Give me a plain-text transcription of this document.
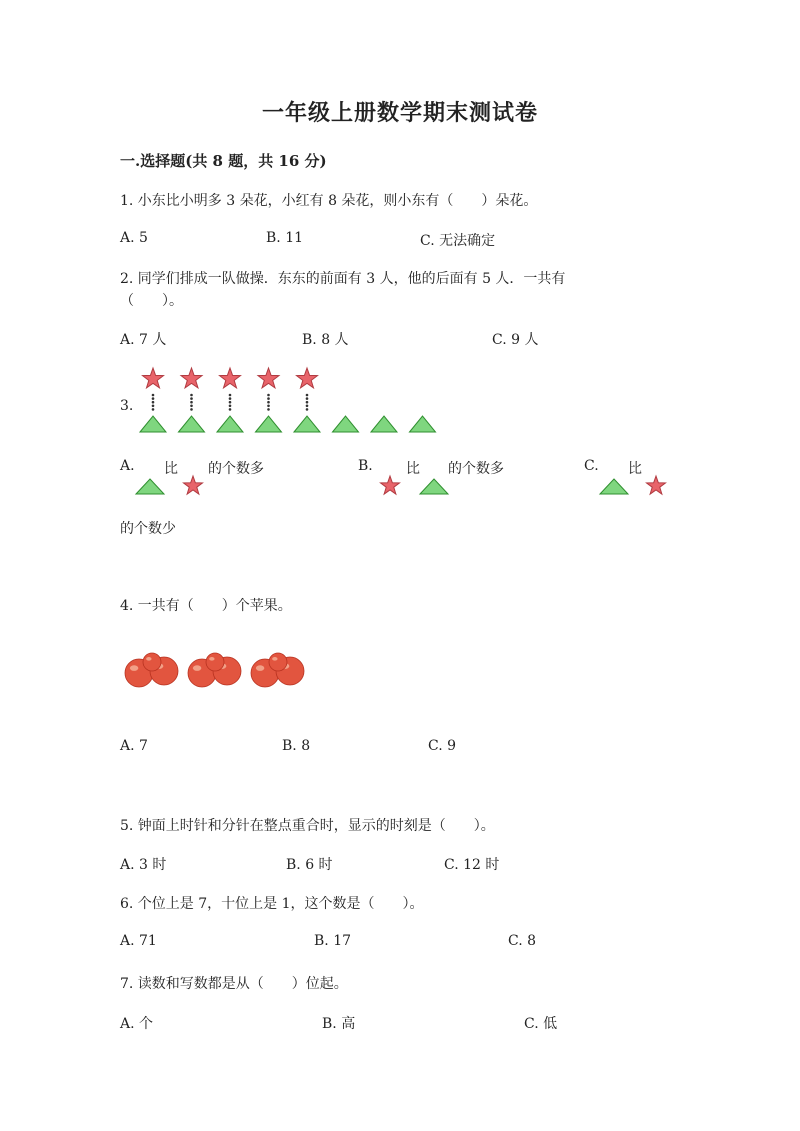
一年级上册数学期末测试卷
一.选择题(共 8 题，共 16 分)
1. 小东比小明多 3 朵花，小红有 8 朵花，则小东有（　　）朵花。
A. 5	B. 11	C. 无法确定
2. 同学们排成一队做操．东东的前面有 3 人，他的后面有 5 人．一共有
（　　）。
A. 7 人	B. 8 人	C. 9 人
3.
A. 比 的个数多	B. 比 的个数多	C. 比
的个数少
4. 一共有（　　）个苹果。
A. 7	B. 8	C. 9
5. 钟面上时针和分针在整点重合时，显示的时刻是（　　）。
A. 3 时	B. 6 时	C. 12 时
6. 个位上是 7，十位上是 1，这个数是（　　）。
A. 71	B. 17	C. 8
7. 读数和写数都是从（　　）位起。
A. 个	B. 高	C. 低
